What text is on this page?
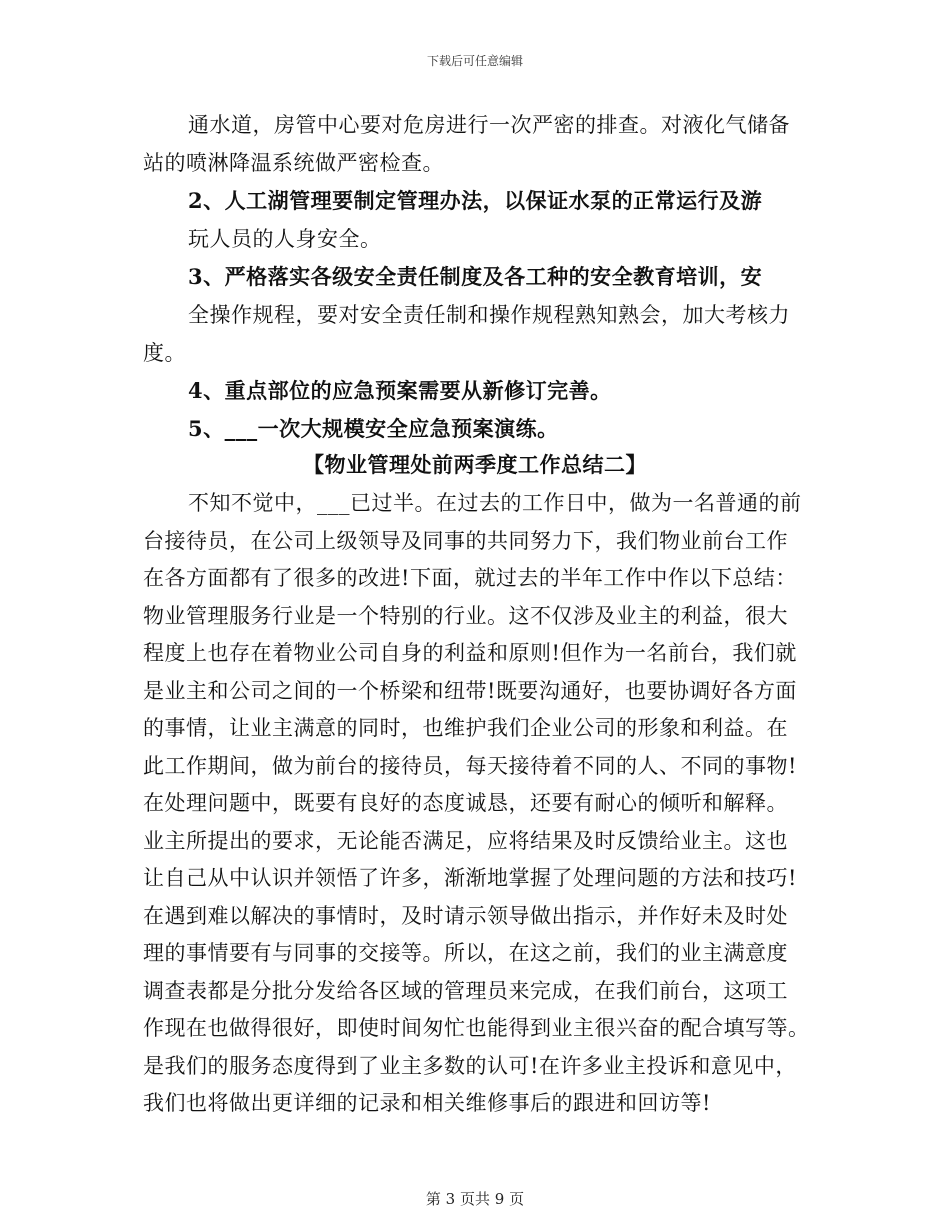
下载后可任意编辑
通水道，房管中心要对危房进行一次严密的排查。对液化气储备
站的喷淋降温系统做严密检查。
2、人工湖管理要制定管理办法，以保证水泵的正常运行及游
玩人员的人身安全。
3、严格落实各级安全责任制度及各工种的安全教育培训，安
全操作规程，要对安全责任制和操作规程熟知熟会，加大考核力
度。
4、重点部位的应急预案需要从新修订完善。
5、___一次大规模安全应急预案演练。
【物业管理处前两季度工作总结二】
不知不觉中，___已过半。在过去的工作日中，做为一名普通的前
台接待员，在公司上级领导及同事的共同努力下，我们物业前台工作
在各方面都有了很多的改进!下面，就过去的半年工作中作以下总结：
物业管理服务行业是一个特别的行业。这不仅涉及业主的利益，很大
程度上也存在着物业公司自身的利益和原则!但作为一名前台，我们就
是业主和公司之间的一个桥梁和纽带!既要沟通好，也要协调好各方面
的事情，让业主满意的同时，也维护我们企业公司的形象和利益。在
此工作期间，做为前台的接待员，每天接待着不同的人、不同的事物!
在处理问题中，既要有良好的态度诚恳，还要有耐心的倾听和解释。
业主所提出的要求，无论能否满足，应将结果及时反馈给业主。这也
让自己从中认识并领悟了许多，渐渐地掌握了处理问题的方法和技巧!
在遇到难以解决的事情时，及时请示领导做出指示，并作好未及时处
理的事情要有与同事的交接等。所以，在这之前，我们的业主满意度
调查表都是分批分发给各区域的管理员来完成，在我们前台，这项工
作现在也做得很好，即使时间匆忙也能得到业主很兴奋的配合填写等。
是我们的服务态度得到了业主多数的认可!在许多业主投诉和意见中，
我们也将做出更详细的记录和相关维修事后的跟进和回访等!
第 3 页共 9 页
